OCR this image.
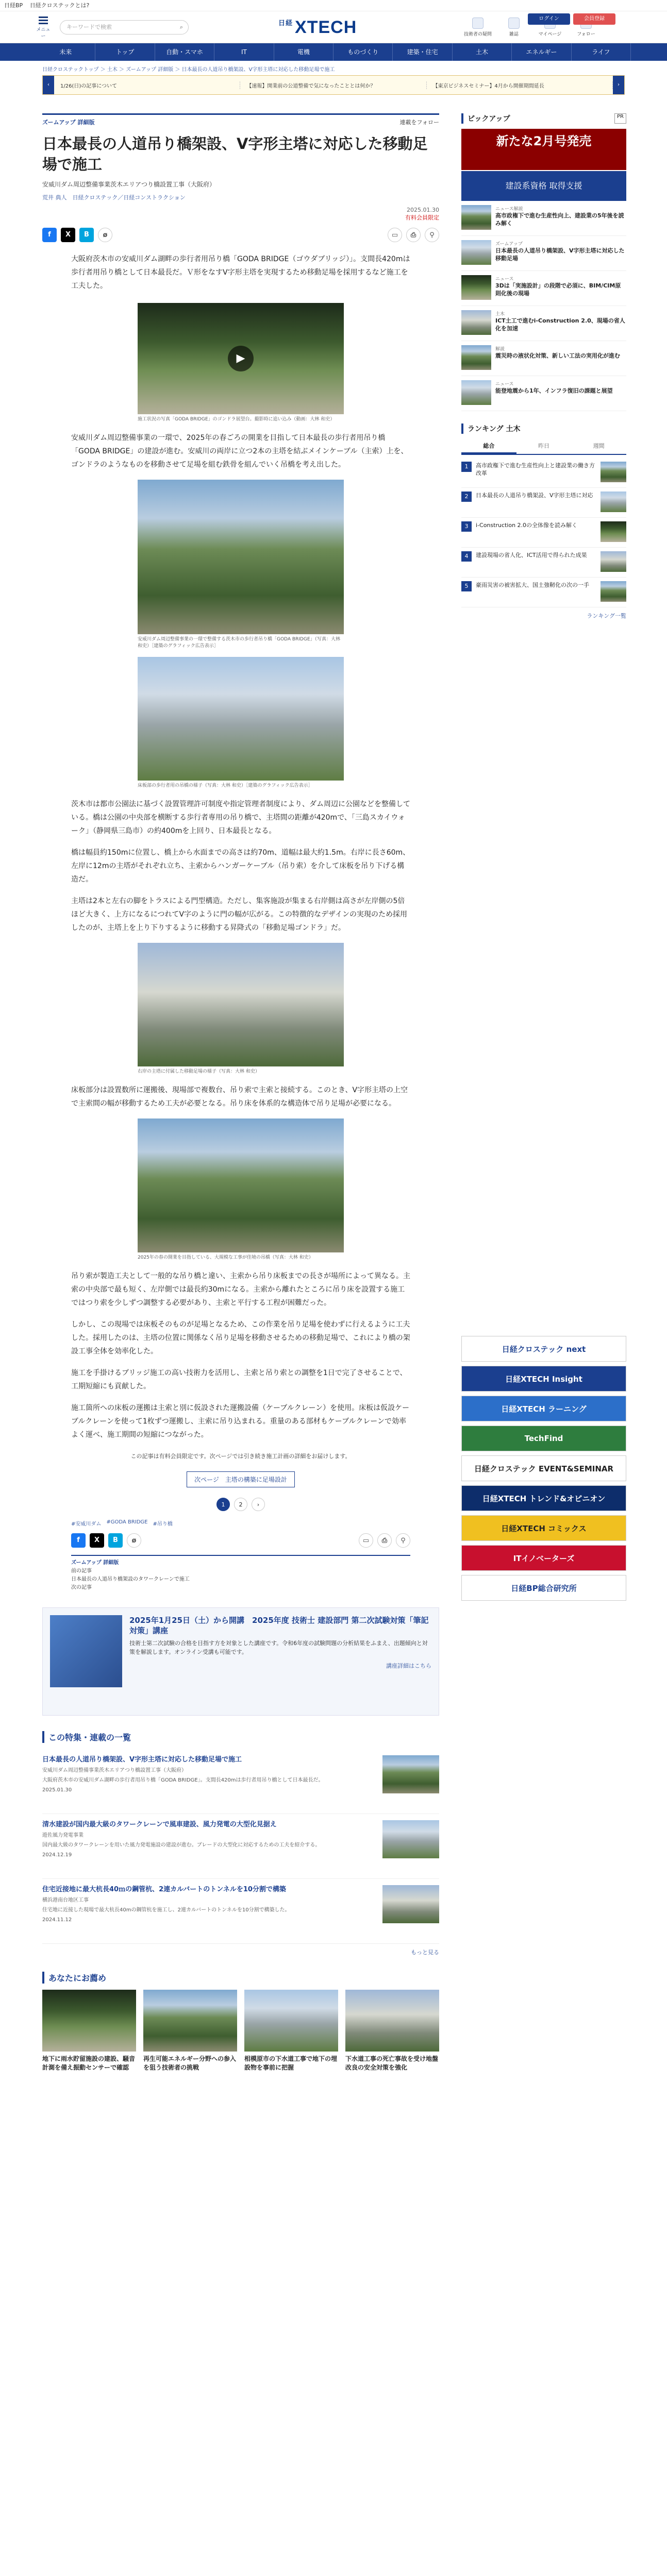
日経BP 日経クロステックとは?
メニュー
キーワードで検索	⌕	$^{日経}$ XTECH	技術者の疑問	雑誌	マイページ	フォロー
ログイン	会員登録
未来	トップ	自動・スマホ	IT	電機	ものづくり	建築・住宅	土木	エネルギー	ライフ
日経クロステックトップ ＞ 土木 ＞ ズームアップ 詳細版 ＞ 日本最長の人道吊り橋架設、V字形主塔に対応した移動足場で施工
‹	1/26(日)の記事について	【速報】開業前の公道整備で気になったこととは何か？	【東京ビジネスセミナー】4月から開催期間延長	›
ズームアップ 詳細版	連載をフォロー
日本最長の人道吊り橋架設、V字形主塔に対応した移動足場で施工
安威川ダム周辺整備事業茨木エリアつり橋設置工事（大阪府）
荒井 典人　日経クロステック／日経コンストラクション
2025.01.30
有料会員限定
f	X	B	ø	▭	⎙	⚲

大阪府茨木市の安威川ダム湖畔の歩行者用吊り橋「GODA BRIDGE（ゴウダブリッジ）」。支間長420mは歩行者用吊り橋として日本最長だ。Ｖ形をなすV字形主塔を実現するため移動足場を採用するなど施工を工夫した。

▶
施工状況の写真「GODA BRIDGE」のゴンドラ展望台。撮影時に追い込み（動画：大林 和史）

安威川ダム周辺整備事業の一環で、2025年の春ごろの開業を目指して日本最長の歩行者用吊り橋「GODA BRIDGE」の建設が進む。安威川の両岸に立つ2本の主塔を結ぶメインケーブル（主索）上を、ゴンドラのようなものを移動させて足場を組む鉄骨を組んでいく吊橋を考え出した。

安威川ダム周辺整備事業の一環で整備する茨木市の歩行者吊り橋「GODA BRIDGE」（写真：大林 和史）［建築のグラフィック広告表示］
床板部の歩行者用の吊橋の様子（写真：大林 和史）［建築のグラフィック広告表示］

茨木市は都市公園法に基づく設置管理許可制度や指定管理者制度により、ダム周辺に公園などを整備している。橋は公園の中央部を横断する歩行者専用の吊り橋で、主塔間の距離が420mで、「三島スカイウォーク」（静岡県三島市）の約400mを上回り、日本最長となる。

橋は幅員約150mに位置し、橋上から水面までの高さは約70m、道幅は最大約1.5m。右岸に長さ60m、左岸に12mの主塔がそれぞれ立ち、主索からハンガーケーブル（吊り索）を介して床板を吊り下げる構造だ。

主塔は2本と左右の脚をトラスによる門型構造。ただし、集客施設が集まる右岸側は高さが左岸側の5倍ほど大きく、上方になるにつれてV字のように門の幅が広がる。この特徴的なデザインの実現のため採用したのが、主塔上を上り下りするように移動する昇降式の「移動足場ゴンドラ」だ。

右岸の主塔に付属した移動足場の様子（写真：大林 和史）

床板部分は設置数所に運搬後、現場部で複数台、吊り索で主索と接続する。このとき、V字形主塔の上空で主索間の幅が移動するため工夫が必要となる。吊り床を体系的な構造体で吊り足場が必要になる。

2025年の春の開業を目指している、大規模な工事が佳境の吊橋（写真：大林 和史）

吊り索が製造工夫として一般的な吊り橋と違い、主索から吊り床板までの長さが場所によって異なる。主索の中央部で最も短く、左岸側では最長約30mになる。主索から離れたところに吊り床を設置する施工ではつり索を少しずつ調整する必要があり、主索と平行する工程が困難だった。

しかし、この現場では床板そのものが足場となるため、この作業を吊り足場を使わずに行えるように工夫した。採用したのは、主塔の位置に関係なく吊り足場を移動させるための移動足場で、これにより橋の架設工事全体を効率化した。

施工を手掛けるブリッジ施工の高い技術力を活用し、主索と吊り索との調整を1日で完了させることで、工期短縮にも貢献した。

施工箇所への床板の運搬は主索と別に仮設された運搬設備（ケーブルクレーン）を使用。床板は仮設ケーブルクレーンを使って1枚ずつ運搬し、主索に吊り込まれる。重量のある部材もケーブルクレーンで効率よく運べ、施工期間の短縮につながった。

この記事は有料会員限定です。次ページでは引き続き施工計画の詳細をお届けします。
次ページ　主塔の構築に足場設計
1	2	›
#安威川ダム #GODA BRIDGE #吊り橋
f	X	B	ø	▭	⎙	⚲
ズームアップ 詳細版
前の記事
日本最長の人道吊り橋架設のタワークレーンで施工
次の記事
2025年1月25日（土）から開講　2025年度 技術士 建設部門 第二次試験対策「筆記対策」講座

技術士第二次試験の合格を目指す方を対象とした講座です。令和6年度の試験問題の分析結果をふまえ、出題傾向と対策を解説します。オンライン受講も可能です。

講座詳細はこちら

この特集・連載の一覧
日本最長の人道吊り橋架設、V字形主塔に対応した移動足場で施工

安威川ダム周辺整備事業茨木エリアつり橋設置工事（大阪府）

大阪府茨木市の安威川ダム湖畔の歩行者用吊り橋「GODA BRIDGE」。支間長420mは歩行者用吊り橋として日本最長だ。

2025.01.30

清水建設が国内最大級のタワークレーンで風車建設、風力発電の大型化見据え

遊佐風力発電事業

国内最大級のタワークレーンを用いた風力発電施設の建設が進む。ブレードの大型化に対応するための工夫を紹介する。

2024.12.19

住宅近接地に最大杭長40ｍの鋼管杭、2連カルバートのトンネルを10分割で構築

横浜港南台地区工事

住宅地に近接した現場で最大杭長40mの鋼管杭を施工し、2連カルバートのトンネルを10分割で構築した。

2024.11.12

もっと見る
あなたにお薦め
地下に雨水貯留施設の建設、騒音計測を備え振動センサーで確認
再生可能エネルギー分野への参入を狙う技術者の挑戦
相模原市の下水道工事で地下の埋設物を事前に把握
下水道工事の死亡事故を受け地盤改良の安全対策を強化
ピックアップ	PR
新たな2月号発売
建設系資格 取得支援
ニュース解説
高市政権下で進む生産性向上、建設業の5年後を読み解く
ズームアップ
日本最長の人道吊り橋架設、V字形主塔に対応した移動足場
ニュース
3Dは「実施設計」の段階で必須に、BIM/CIM原則化後の現場
土木
ICT土工で進むi-Construction 2.0、現場の省人化を加速
解説
震災時の液状化対策、新しい工法の実用化が進む
ニュース
能登地震から1年、インフラ復旧の課題と展望
ランキング 土木
総合	昨日	週間
1	高市政権下で進む生産性向上と建設業の働き方改革
2	日本最長の人道吊り橋架設、V字形主塔に対応
3	i-Construction 2.0の全体像を読み解く
4	建設現場の省人化、ICT活用で得られた成果
5	豪雨災害の被害拡大、国土強靭化の次の一手
ランキング一覧
日経クロステック next
日経XTECH Insight
日経XTECH ラーニング
TechFind
日経クロステック EVENT&SEMINAR
日経XTECH トレンド&オピニオン
日経XTECH コミックス
ITイノベーターズ
日経BP総合研究所
